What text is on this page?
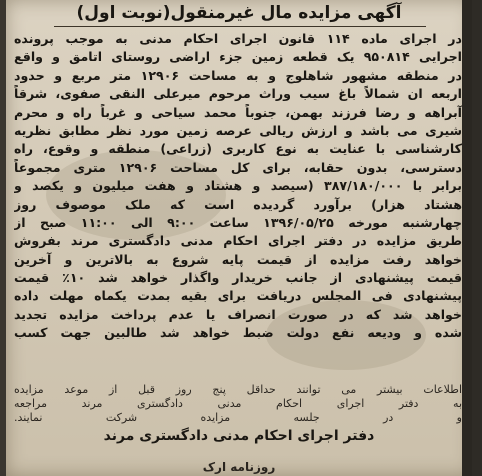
آگهی مزایده مال غیرمنقول(نوبت اول)
در اجرای ماده ۱۱۴ قانون اجرای احکام مدنی به موجب پرونده
اجرایی ۹۵۰۸۱۴ یک قطعه زمین جزء اراضی روستای اتامق و واقع
در منطقه مشهور شاهلوج و به مساحت ۱۲۹۰۶ متر مربع و حدود
اربعه ان شمالاً باغ سیب وراث مرحوم میرعلی النقی صفوی، شرقاً
آبراهه و رضا فرزند بهمن، جنوباً محمد سیاحی و غرباً راه و محرم
شیری می باشد و ارزش ریالی عرصه زمین مورد نظر مطابق نظریه
کارشناسی با عنایت به نوع کاربری (زراعی) منطقه و وقوع، راه
دسترسی، بدون حقابه، برای کل مساحت ۱۲۹۰۶ متری مجموعاً
برابر با ۳۸۷/۱۸۰/۰۰۰ (سیصد و هشتاد و هفت میلیون و یکصد و
هشتاد هزار) برآورد گردیده است که ملک موصوف روز
چهارشنبه مورخه ۱۳۹۶/۰۵/۲۵ ساعت ۹:۰۰ الی ۱۱:۰۰ صبح از
طریق مزایده در دفتر اجرای احکام مدنی دادگستری مرند بفروش
خواهد رفت مزایده از قیمت پایه شروع به بالاترین و آخرین
قیمت پیشنهادی از جانب خریدار واگذار خواهد شد ۱۰٪ قیمت
پیشنهادی فی المجلس دریافت برای بقیه بمدت یکماه مهلت داده
خواهد شد که در صورت انصراف یا عدم پرداخت مزایده تجدید
شده و ودیعه نفع دولت ضبط خواهد شد طالبین جهت کسب
اطلاعات بیشتر می توانند حداقل پنج روز قبل از موعد مزایده
به دفتر اجرای احکام مدنی دادگستری مرند مراجعه
و در جلسه مزایده شرکت نمایند.
دفتر اجرای احکام مدنی دادگستری مرند
روزنامه ارک
